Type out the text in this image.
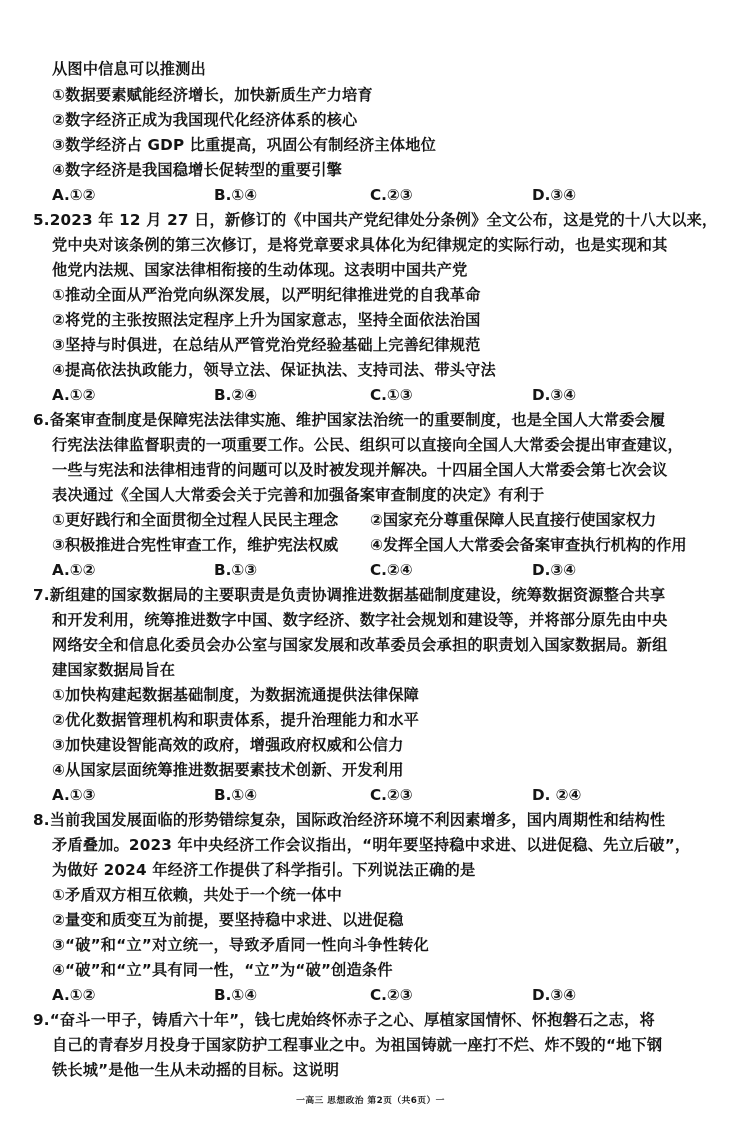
从图中信息可以推测出
①数据要素赋能经济增长，加快新质生产力培育
②数字经济正成为我国现代化经济体系的核心
③数学经济占 GDP 比重提高，巩固公有制经济主体地位
④数字经济是我国稳增长促转型的重要引擎
A.①②	B.①④	C.②③	D.③④
5.2023 年 12 月 27 日，新修订的《中国共产党纪律处分条例》全文公布，这是党的十八大以来，
党中央对该条例的第三次修订，是将党章要求具体化为纪律规定的实际行动，也是实现和其
他党内法规、国家法律相衔接的生动体现。这表明中国共产党
①推动全面从严治党向纵深发展，以严明纪律推进党的自我革命
②将党的主张按照法定程序上升为国家意志，坚持全面依法治国
③坚持与时俱进，在总结从严管党治党经验基础上完善纪律规范
④提高依法执政能力，领导立法、保证执法、支持司法、带头守法
A.①②	B.②④	C.①③	D.③④
6.备案审查制度是保障宪法法律实施、维护国家法治统一的重要制度，也是全国人大常委会履
行宪法法律监督职责的一项重要工作。公民、组织可以直接向全国人大常委会提出审查建议，
一些与宪法和法律相违背的问题可以及时被发现并解决。十四届全国人大常委会第七次会议
表决通过《全国人大常委会关于完善和加强备案审查制度的决定》有利于
①更好践行和全面贯彻全过程人民民主理念 ②国家充分尊重保障人民直接行使国家权力
③积极推进合宪性审查工作，维护宪法权威 ④发挥全国人大常委会备案审查执行机构的作用
A.①②	B.①③	C.②④	D.③④
7.新组建的国家数据局的主要职责是负责协调推进数据基础制度建设，统筹数据资源整合共享
和开发利用，统筹推进数字中国、数字经济、数字社会规划和建设等，并将部分原先由中央
网络安全和信息化委员会办公室与国家发展和改革委员会承担的职责划入国家数据局。新组
建国家数据局旨在
①加快构建起数据基础制度，为数据流通提供法律保障
②优化数据管理机构和职责体系，提升治理能力和水平
③加快建设智能高效的政府，增强政府权威和公信力
④从国家层面统筹推进数据要素技术创新、开发利用
A.①③	B.①④	C.②③	D. ②④
8.当前我国发展面临的形势错综复杂，国际政治经济环境不利因素增多，国内周期性和结构性
矛盾叠加。2023 年中央经济工作会议指出，“明年要坚持稳中求进、以进促稳、先立后破”，
为做好 2024 年经济工作提供了科学指引。下列说法正确的是
①矛盾双方相互依赖，共处于一个统一体中
②量变和质变互为前提，要坚持稳中求进、以进促稳
③“破”和“立”对立统一，导致矛盾同一性向斗争性转化
④“破”和“立”具有同一性，“立”为“破”创造条件
A.①②	B.①④	C.②③	D.③④
9.“奋斗一甲子，铸盾六十年”，钱七虎始终怀赤子之心、厚植家国情怀、怀抱磐石之志，将
自己的青春岁月投身于国家防护工程事业之中。为祖国铸就一座打不烂、炸不毁的“地下钢
铁长城”是他一生从未动摇的目标。这说明
一高三 思想政治 第2页（共6页）一
